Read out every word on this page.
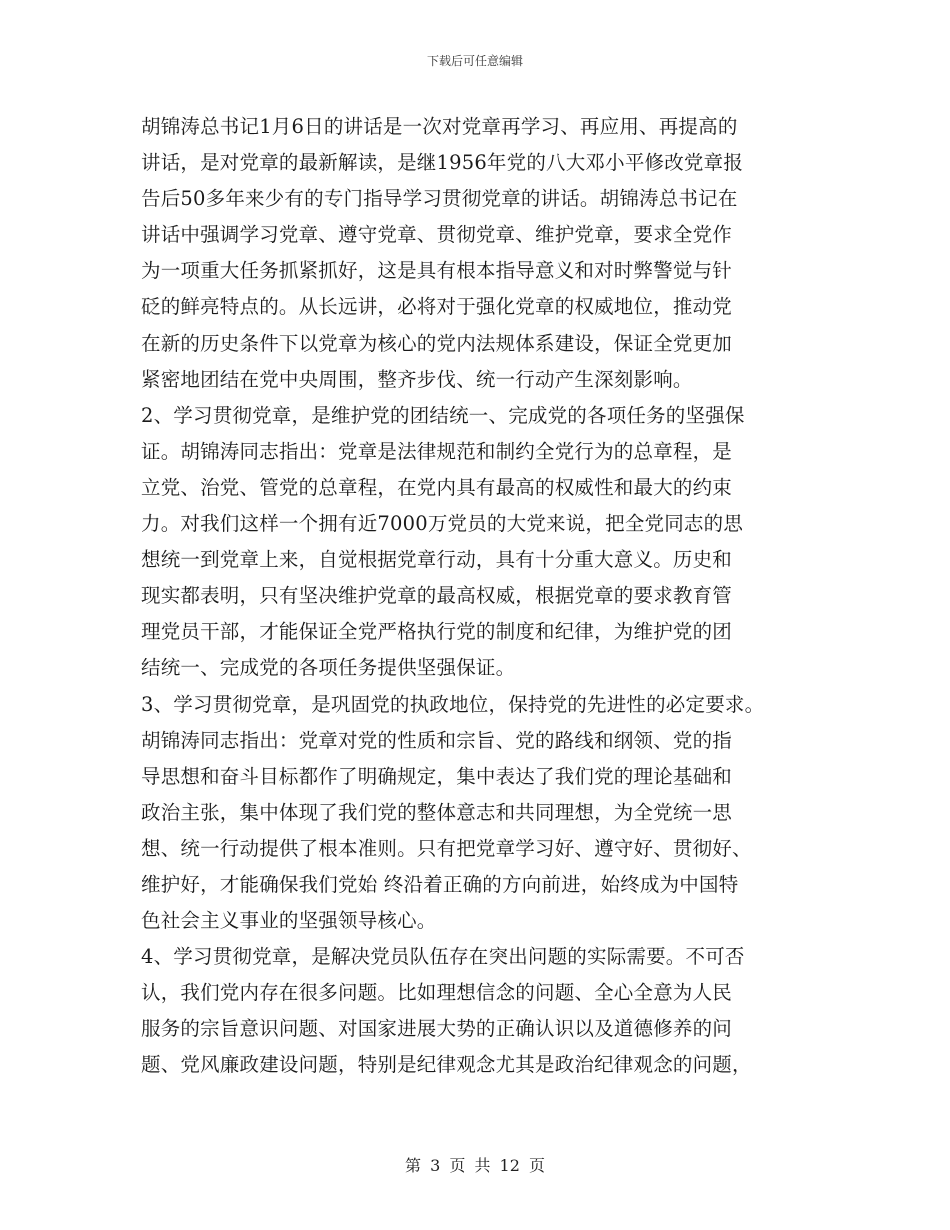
下载后可任意编辑
胡锦涛总书记1月6日的讲话是一次对党章再学习、再应用、再提高的
讲话，是对党章的最新解读，是继1956年党的八大邓小平修改党章报
告后50多年来少有的专门指导学习贯彻党章的讲话。胡锦涛总书记在
讲话中强调学习党章、遵守党章、贯彻党章、维护党章，要求全党作
为一项重大任务抓紧抓好，这是具有根本指导意义和对时弊警觉与针
砭的鲜亮特点的。从长远讲，必将对于强化党章的权威地位，推动党
在新的历史条件下以党章为核心的党内法规体系建设，保证全党更加
紧密地团结在党中央周围，整齐步伐、统一行动产生深刻影响。
2、学习贯彻党章，是维护党的团结统一、完成党的各项任务的坚强保
证。胡锦涛同志指出：党章是法律规范和制约全党行为的总章程，是
立党、治党、管党的总章程，在党内具有最高的权威性和最大的约束
力。对我们这样一个拥有近7000万党员的大党来说，把全党同志的思
想统一到党章上来，自觉根据党章行动，具有十分重大意义。历史和
现实都表明，只有坚决维护党章的最高权威，根据党章的要求教育管
理党员干部，才能保证全党严格执行党的制度和纪律，为维护党的团
结统一、完成党的各项任务提供坚强保证。
3、学习贯彻党章，是巩固党的执政地位，保持党的先进性的必定要求。
胡锦涛同志指出：党章对党的性质和宗旨、党的路线和纲领、党的指
导思想和奋斗目标都作了明确规定，集中表达了我们党的理论基础和
政治主张，集中体现了我们党的整体意志和共同理想，为全党统一思
想、统一行动提供了根本准则。只有把党章学习好、遵守好、贯彻好、
维护好，才能确保我们党始 终沿着正确的方向前进，始终成为中国特
色社会主义事业的坚强领导核心。
4、学习贯彻党章，是解决党员队伍存在突出问题的实际需要。不可否
认，我们党内存在很多问题。比如理想信念的问题、全心全意为人民
服务的宗旨意识问题、对国家进展大势的正确认识以及道德修养的问
题、党风廉政建设问题，特别是纪律观念尤其是政治纪律观念的问题，
第 3 页 共 12 页
